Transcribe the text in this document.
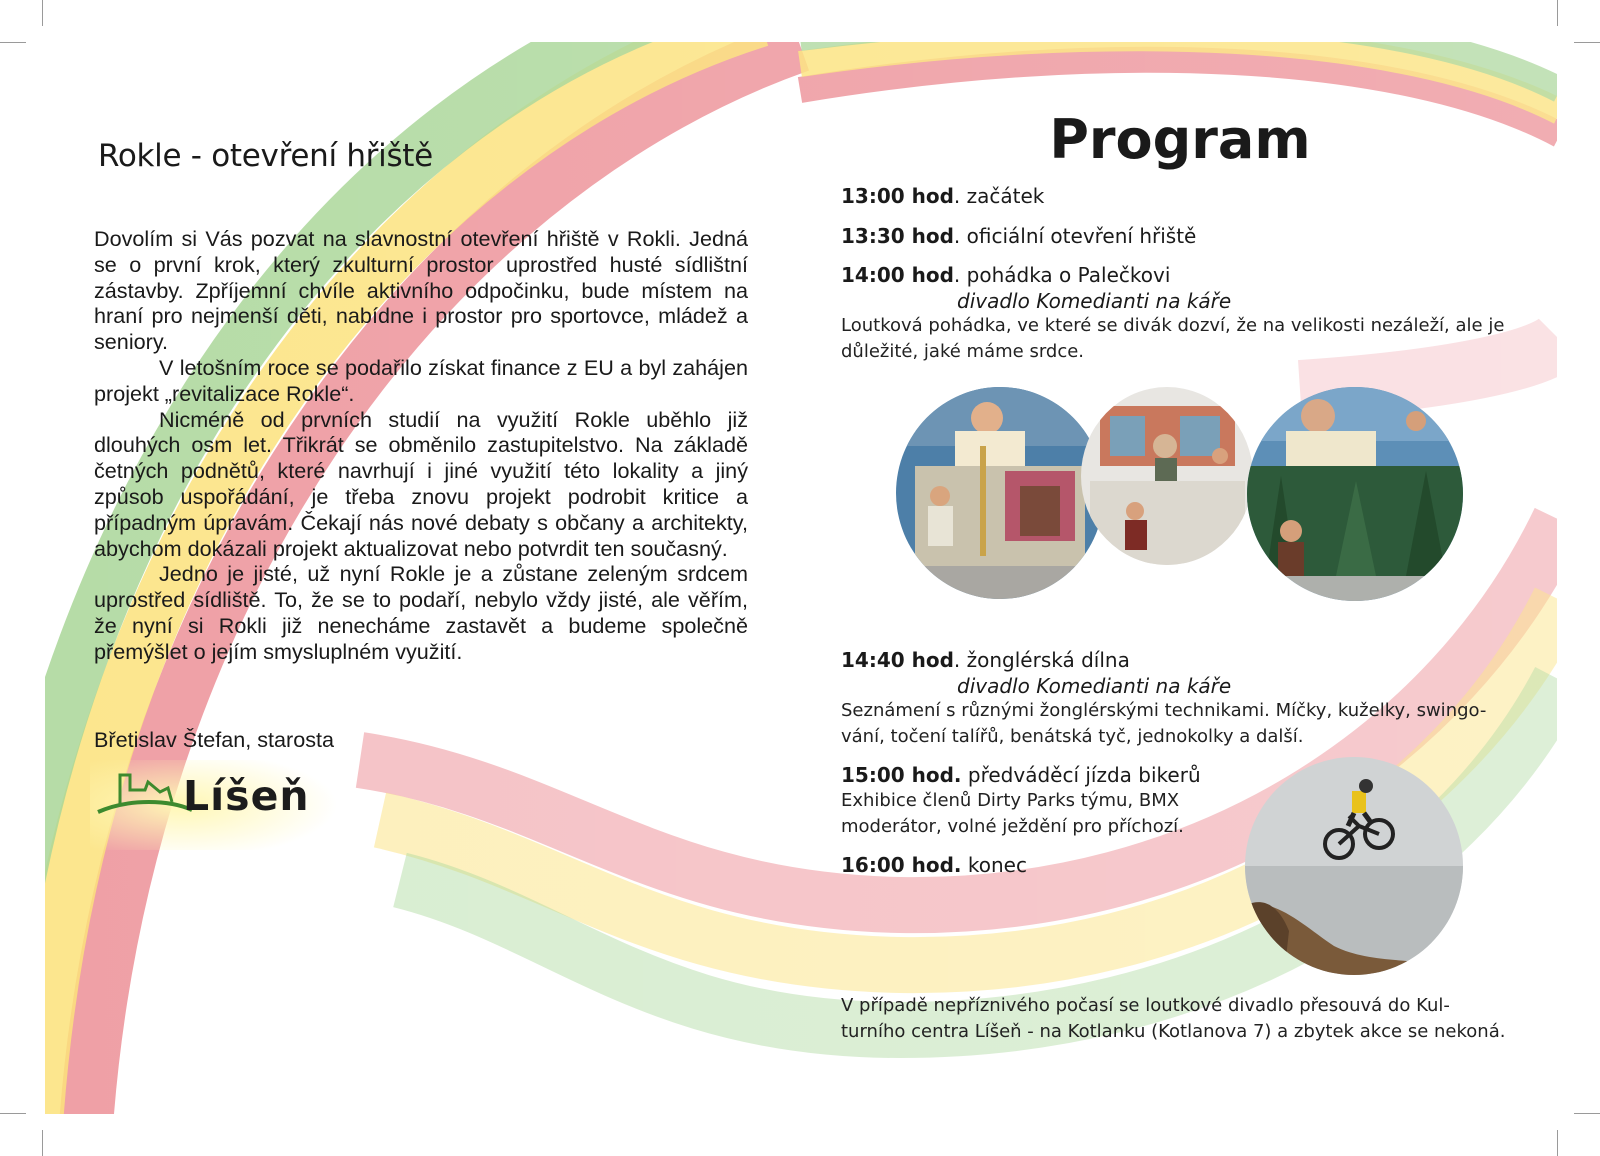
Rokle - otevření hřiště

Dovolím si Vás pozvat na slavnostní otevření hřiště v Rokli. Jedná se o první krok, který zkulturní prostor uprostřed husté sídlištní zástavby. Zpříjemní chvíle aktivního odpočinku, bude místem na hraní pro nejmenší děti, nabídne i prostor pro sportovce, mládež a seniory.

V letošním roce se podařilo získat finance z EU a byl zahájen projekt „revitalizace Rokle“.

Nicméně od prvních studií na využití Rokle uběhlo již dlouhých osm let. Třikrát se obměnilo zastupitelstvo. Na základě četných podnětů, které navrhují i jiné využití této lokality a jiný způsob uspořádání, je třeba znovu projekt podrobit kritice a případným úpravám. Čekají nás nové debaty s občany a architekty, abychom dokázali projekt aktualizovat nebo potvrdit ten současný.

Jedno je jisté, už nyní Rokle je a zůstane zeleným srdcem uprostřed sídliště. To, že se to podaří, nebylo vždy jisté, ale věřím, že nyní si Rokli již nenecháme zastavět a budeme společně přemýšlet o jejím smysluplném využití.

Břetislav Štefan, starosta
Líšeň
Program
13:00 hod. začátek
13:30 hod. oficiální otevření hřiště
14:00 hod. pohádka o Palečkovi
divadlo Komedianti na káře
Loutková pohádka, ve které se divák dozví, že na velikosti nezáleží, ale je
důležité, jaké máme srdce.
14:40 hod. žonglérská dílna
divadlo Komedianti na káře
Seznámení s různými žonglérskými technikami. Míčky, kuželky, swingo-
vání, točení talířů, benátská tyč, jednokolky a další.
15:00 hod. předváděcí jízda bikerů
Exhibice členů Dirty Parks týmu, BMX
moderátor, volné ježdění pro příchozí.
16:00 hod. konec
V případě nepříznivého počasí se loutkové divadlo přesouvá do Kul-
turního centra Líšeň - na Kotlanku (Kotlanova 7) a zbytek akce se nekoná.
